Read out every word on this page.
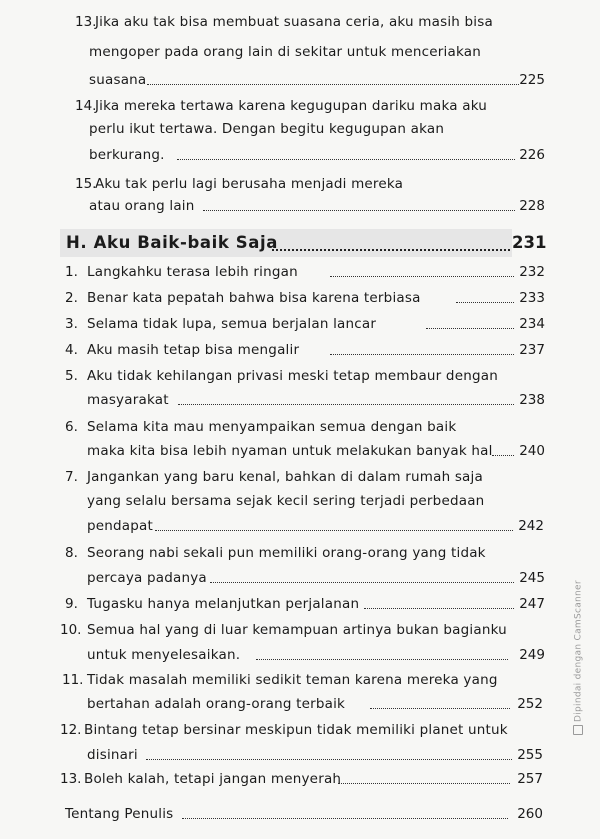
13.
Jika aku tak bisa membuat suasana ceria, aku masih bisa
mengoper pada orang lain di sekitar untuk menceriakan
suasana	225
14.
Jika mereka tertawa karena kegugupan dariku maka aku
perlu ikut tertawa. Dengan begitu kegugupan akan
berkurang.	226
15.
Aku tak perlu lagi berusaha menjadi mereka
atau orang lain	228
H. Aku Baik-baik Saja	231
1. Langkahku terasa lebih ringan	232
2. Benar kata pepatah bahwa bisa karena terbiasa	233
3. Selama tidak lupa, semua berjalan lancar	234
4. Aku masih tetap bisa mengalir	237
5. Aku tidak kehilangan privasi meski tetap membaur dengan
masyarakat	238
6. Selama kita mau menyampaikan semua dengan baik
maka kita bisa lebih nyaman untuk melakukan banyak hal	240
7. Jangankan yang baru kenal, bahkan di dalam rumah saja
yang selalu bersama sejak kecil sering terjadi perbedaan
pendapat	242
8. Seorang nabi sekali pun memiliki orang-orang yang tidak
percaya padanya	245
9. Tugasku hanya melanjutkan perjalanan	247
10. Semua hal yang di luar kemampuan artinya bukan bagianku
untuk menyelesaikan.	249
11. Tidak masalah memiliki sedikit teman karena mereka yang
bertahan adalah orang-orang terbaik	252
12. Bintang tetap bersinar meskipun tidak memiliki planet untuk
disinari	255
13. Boleh kalah, tetapi jangan menyerah	257
Tentang Penulis	260
Dipindai dengan CamScanner
